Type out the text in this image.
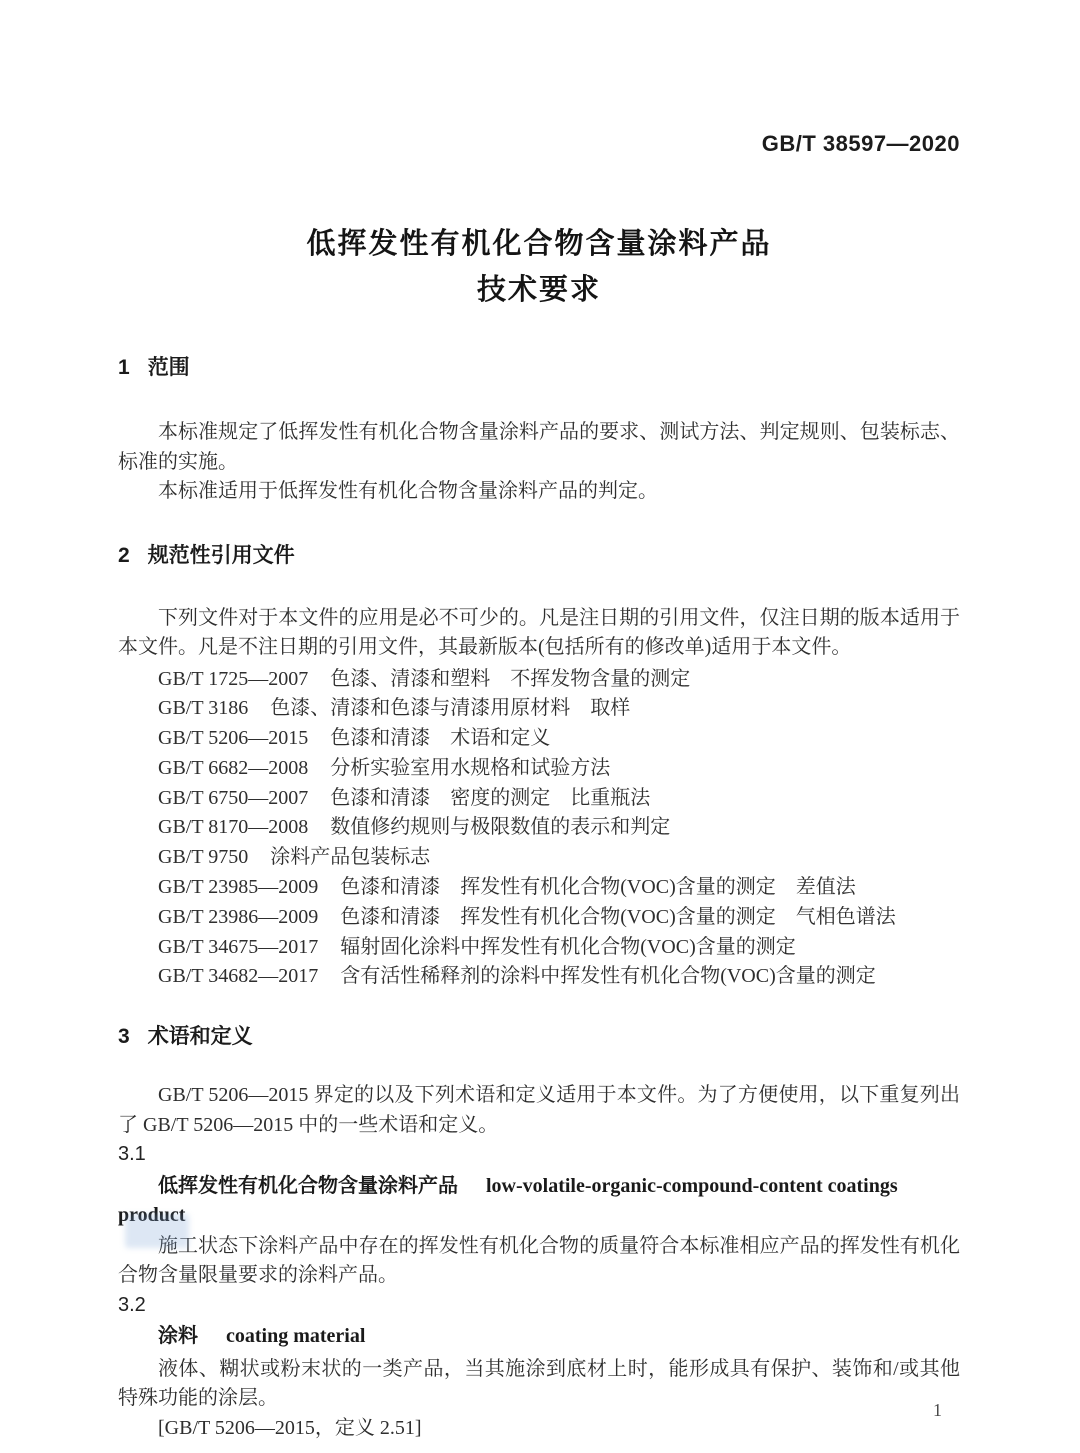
GB/T 38597—2020
低挥发性有机化合物含量涂料产品
技术要求
1 范围

本标准规定了低挥发性有机化合物含量涂料产品的要求、测试方法、判定规则、包装标志、标准的实施。

本标准适用于低挥发性有机化合物含量涂料产品的判定。

2 规范性引用文件

下列文件对于本文件的应用是必不可少的。凡是注日期的引用文件，仅注日期的版本适用于本文件。凡是不注日期的引用文件，其最新版本(包括所有的修改单)适用于本文件。

GB/T 1725—2007 色漆、清漆和塑料　不挥发物含量的测定
GB/T 3186 色漆、清漆和色漆与清漆用原材料　取样
GB/T 5206—2015 色漆和清漆　术语和定义
GB/T 6682—2008 分析实验室用水规格和试验方法
GB/T 6750—2007 色漆和清漆　密度的测定　比重瓶法
GB/T 8170—2008 数值修约规则与极限数值的表示和判定
GB/T 9750 涂料产品包装标志
GB/T 23985—2009 色漆和清漆　挥发性有机化合物(VOC)含量的测定　差值法
GB/T 23986—2009 色漆和清漆　挥发性有机化合物(VOC)含量的测定　气相色谱法
GB/T 34675—2017 辐射固化涂料中挥发性有机化合物(VOC)含量的测定
GB/T 34682—2017 含有活性稀释剂的涂料中挥发性有机化合物(VOC)含量的测定
3 术语和定义

GB/T 5206—2015 界定的以及下列术语和定义适用于本文件。为了方便使用，以下重复列出了 GB/T 5206—2015 中的一些术语和定义。

3.1

低挥发性有机化合物含量涂料产品 low-volatile-organic-compound-content coatings product

施工状态下涂料产品中存在的挥发性有机化合物的质量符合本标准相应产品的挥发性有机化合物含量限量要求的涂料产品。

3.2

涂料 coating material

液体、糊状或粉末状的一类产品，当其施涂到底材上时，能形成具有保护、装饰和/或其他特殊功能的涂层。

[GB/T 5206—2015，定义 2.51]

1
